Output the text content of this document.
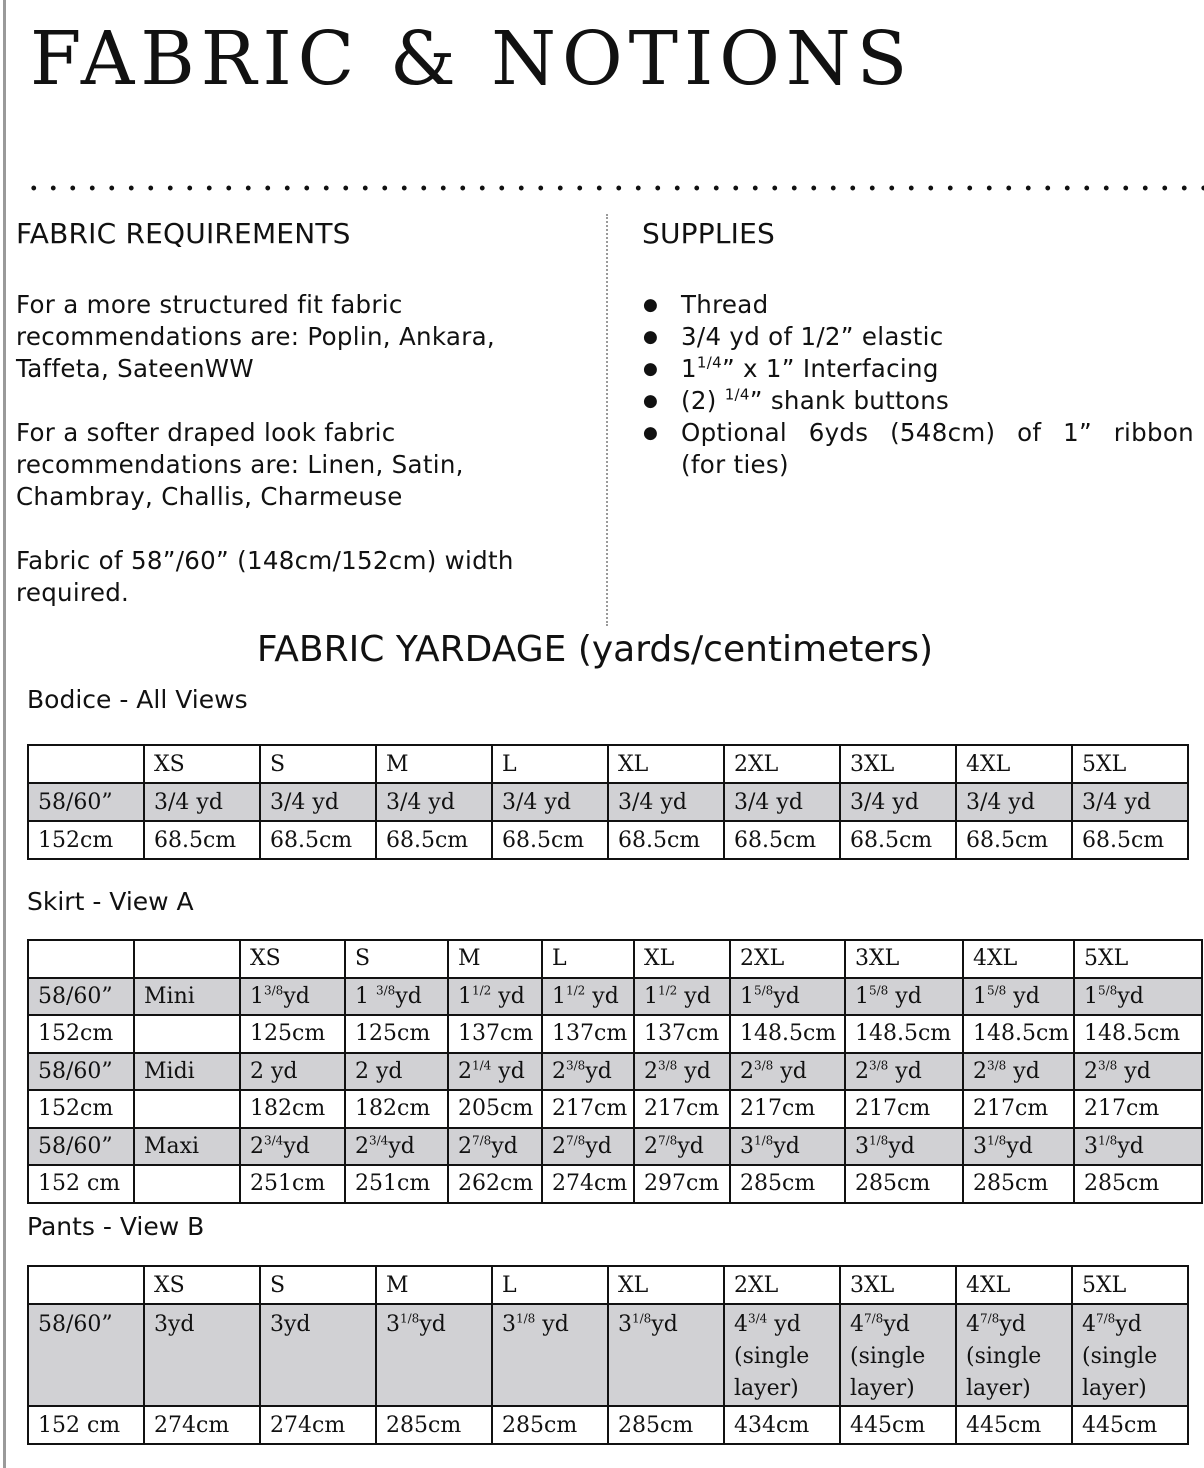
FABRIC & NOTIONS
FABRIC REQUIREMENTS

For a more structured fit fabric recommendations are: Poplin, Ankara, Taffeta, SateenWW

For a softer draped look fabric recommendations are: Linen, Satin, Chambray, Challis, Charmeuse

Fabric of 58”/60” (148cm/152cm) width required.

SUPPLIES
● Thread
● 3/4 yd of 1/2” elastic
● $1^{1/4}$” x 1” Interfacing
● (2) $^{1/4}$” shank buttons
● Optional 6yds (548cm) of 1” ribbon
(for ties)
FABRIC YARDAGE (yards/centimeters)
Bodice - All Views
	XS	S	M	L	XL	2XL	3XL	4XL	5XL
58/60”	3/4 yd	3/4 yd	3/4 yd	3/4 yd	3/4 yd	3/4 yd	3/4 yd	3/4 yd	3/4 yd
152cm	68.5cm	68.5cm	68.5cm	68.5cm	68.5cm	68.5cm	68.5cm	68.5cm	68.5cm
Skirt - View A
		XS	S	M	L	XL	2XL	3XL	4XL	5XL
58/60”	Mini	$1^{3/8}yd$	1 $^{3/8}$yd	$1^{1/2}$ yd	$1^{1/2}$ yd	$1^{1/2}$ yd	$1^{5/8}yd$	$1^{5/8}$ yd	$1^{5/8}$ yd	$1^{5/8}yd$
152cm		125cm	125cm	137cm	137cm	137cm	148.5cm	148.5cm	148.5cm	148.5cm
58/60”	Midi	2 yd	2 yd	$2^{1/4}$ yd	$2^{3/8}yd$	$2^{3/8}$ yd	$2^{3/8}$ yd	$2^{3/8}$ yd	$2^{3/8}$ yd	$2^{3/8}$ yd
152cm		182cm	182cm	205cm	217cm	217cm	217cm	217cm	217cm	217cm
58/60”	Maxi	$2^{3/4}yd$	$2^{3/4}yd$	$2^{7/8}yd$	$2^{7/8}yd$	$2^{7/8}yd$	$3^{1/8}yd$	$3^{1/8}yd$	$3^{1/8}yd$	$3^{1/8}yd$
152 cm		251cm	251cm	262cm	274cm	297cm	285cm	285cm	285cm	285cm
Pants - View B
	XS	S	M	L	XL	2XL	3XL	4XL	5XL
58/60”	3yd	3yd	$3^{1/8}yd$	$3^{1/8}$ yd	$3^{1/8}yd$	$4^{3/4}$ yd (single layer)	$4^{7/8}yd$ (single layer)	$4^{7/8}yd$ (single layer)	$4^{7/8}yd$ (single layer)
152 cm	274cm	274cm	285cm	285cm	285cm	434cm	445cm	445cm	445cm
